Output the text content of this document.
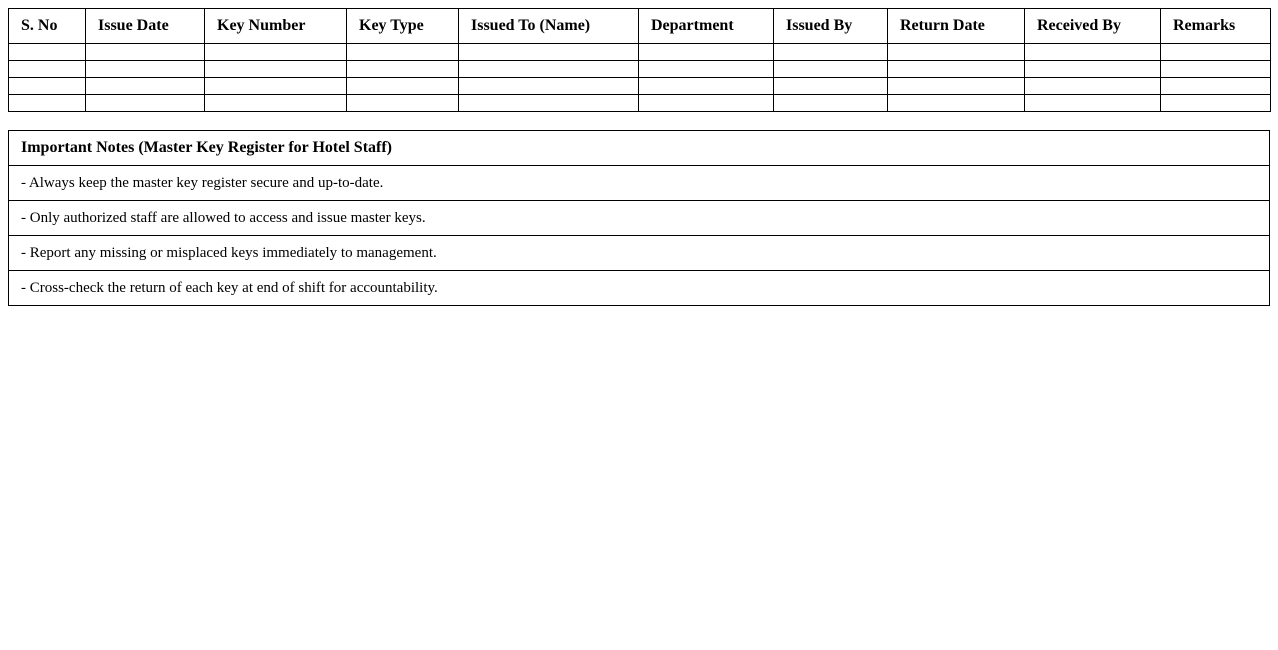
S. No	Issue Date	Key Number	Key Type	Issued To (Name)	Department	Issued By	Return Date	Received By	Remarks

Important Notes (Master Key Register for Hotel Staff)
- Always keep the master key register secure and up-to-date.
- Only authorized staff are allowed to access and issue master keys.
- Report any missing or misplaced keys immediately to management.
- Cross-check the return of each key at end of shift for accountability.
